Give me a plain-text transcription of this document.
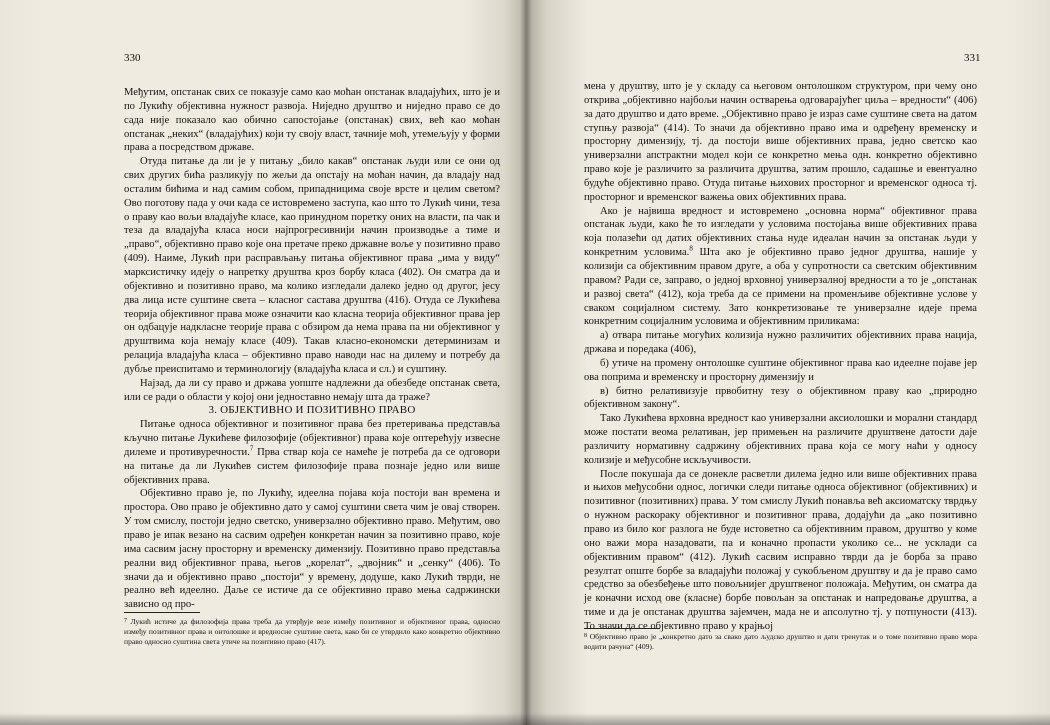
330

Међутим, опстанак свих се показује само као моћан опстанак владајућих, што је и по Лукићу објективна нужност развоја. Ниједно друштво и ниједно право се до сада није показало као обично сапостојање (опстанак) свих, већ као моћан опстанак „неких“ (владајућих) који ту своју власт, тачније моћ, утемељују у форми права а посредством државе.

Отуда питање да ли је у питању „било какав“ опстанак људи или се они од свих других бића разликују по жељи да опстају на моћан начин, да владају над осталим бићима и над самим собом, припадницима своје врсте и целим светом? Ово поготову пада у очи када се истовремено заступа, као што то Лукић чини, теза о праву као вољи владајуће класе, као принудном поретку оних на власти, па чак и теза да владајућа класа носи најпрогресивнији начин производње а тиме и „право“, објективно право које она претаче преко државне воље у позитивно право (409). Наиме, Лукић при расправљању питања објективног права „има у виду“ марксистичку идеју о напретку друштва кроз борбу класа (402). Он сматра да и објективно и позитивно право, ма колико изгледали далеко једно од другог, јесу два лица исте суштине света – класног састава друштва (416). Отуда се Лукићева теорија објективног права може означити као класна теорија објективног права јер он одбацује надкласне теорије права с обзиром да нема права па ни објективног у друштвима која немају класе (409). Такав класно-економски детерминизам и релација владајућа класа – објективно право наводи нас на дилему и потребу да дубље преиспитамо и терминологију (владајућа класа и сл.) и суштину.

Најзад, да ли су право и држава уопште надлежни да обезбеде опстанак света, или се ради о области у којој они једноставно немају шта да траже?

3. ОБЈЕКТИВНО И ПОЗИТИВНО ПРАВО

Питање односа објективног и позитивног права без претеривања представља кључно питање Лукићеве филозофије (објективног) права које оптерећују извесне дилеме и противуречности.$^7$ Прва ствар која се намеће је потреба да се одговори на питање да ли Лукићев систем филозофије права познаје једно или више објективних права.

Објективно право је, по Лукићу, идеелна појава која постоји ван времена и простора. Ово право је објективно дато у самој суштини света чим је овај створен. У том смислу, постоји једно светско, универзално објективно право. Међутим, ово право је ипак везано на сасвим одређен конкретан начин за позитивно право, које има сасвим јасну просторну и временску димензију. Позитивно право представља реални вид објективног права, његов „корелат“, „двојник“ и „сенку“ (406). То значи да и објективно право „постоји“ у времену, додуше, како Лукић тврди, не реално већ идеелно. Даље се истиче да се објективно право мења садржински зависно од про-

$^7$ Лукић истиче да филозофија права треба да утврђује везе између позитивног и објективног права, односно између позитивног права и онтолошке и вредносне суштине света, како би се утврдило како конкретно објективно право односно суштина света утиче на позитивно право (417).
331

мена у друштву, што је у складу са његовом онтолошком структуром, при чему оно открива „објективно најбољи начин остварења одговарајућег циља – вредности“ (406) за дато друштво и дато време. „Објективно право је израз саме суштине света на датом ступњу развоја“ (414). То значи да објективно право има и одређену временску и просторну димензију, тј. да постоји више објективних права, једно светско као универзални апстрактни модел који се конкретно мења одн. конкретно објективно право које је различито за различита друштва, затим прошло, садашње и евентуално будуће објективно право. Отуда питање њихових просторног и временског односа тј. просторног и временског важења ових објективних права.

Ако је највиша вредност и истовремено „основна норма“ објективног права опстанак људи, како ће то изгледати у условима постојања више објективних права која полазећи од датих објективних стања нуде идеалан начин за опстанак људи у конкретним условима.$^8$ Шта ако је објективно право једног друштва, нашије у колизији са објективним правом друге, а оба у супротности са светским објективним правом? Ради се, заправо, о једној врховној универзалној вредности а то је „опстанак и развој света“ (412), која треба да се примени на променљиве објективне услове у сваком социјалном систему. Зато конкретизовање те универзалне идеје према конкретним социјалним условима и објективним приликама:

а) отвара питање могућих колизија нужно различитих објективних права нација, држава и поредака (406),

б) утиче на промену онтолошке суштине објективног права као идеелне појаве јер ова поприма и временску и просторну димензију и

в) битно релативизује првобитну тезу о објективном праву као „природно објективном закону“.

Тако Лукићева врховна вредност као универзални аксиолошки и морални стандард може постати веома релативан, јер примењен на различите друштвене датости даје различиту нормативну садржину објективних права која се могу наћи у односу колизије и међусобне искључивости.

После покушаја да се донекле расветли дилема једно или више објективних права и њихов међусобни однос, логички следи питање односа објективног (објективних) и позитивног (позитивних) права. У том смислу Лукић понавља већ аксиоматску тврдњу о нужном раскораку објективног и позитивног права, додајући да „ако позитивно право из било ког разлога не буде истоветно са објективним правом, друштво у коме оно важи мора назадовати, па и коначно пропасти уколико се... не усклади са објективним правом“ (412). Лукић сасвим исправно тврди да је борба за право резултат опште борбе за владајући положај у сукобљеном друштву и да је право само средство за обезбеђење што повољнијег друштвеног положаја. Међутим, он сматра да је коначни исход ове (класне) борбе повољан за опстанак и напредовање друштва, а тиме и да је опстанак друштва зајемчен, мада не и апсолутно тј. у потпуности (413). То значи да се објективно право у крајњој

$^8$ Објективно право је „конкретно дато за свако дато људско друштво и дати тренутак и о томе позитивно право мора водити рачуна“ (409).
